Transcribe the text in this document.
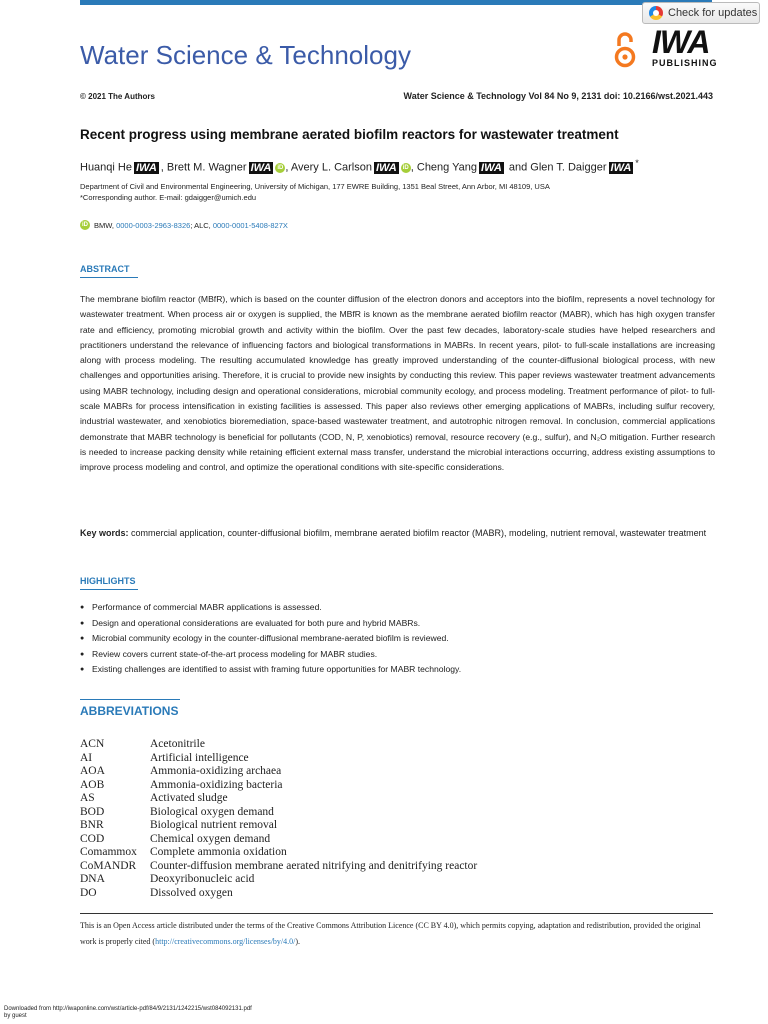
Check for updates
Water Science & Technology	IWA
PUBLISHING
© 2021 The Authors	Water Science & Technology Vol 84 No 9, 2131 doi: 10.2166/wst.2021.443
Recent progress using membrane aerated biofilm reactors for wastewater treatment
Huanqi He IWA , Brett M. Wagner IWA iD , Avery L. Carlson IWA iD , Cheng Yang IWA and Glen T. Daigger IWA *
Department of Civil and Environmental Engineering, University of Michigan, 177 EWRE Building, 1351 Beal Street, Ann Arbor, MI 48109, USA
*Corresponding author. E-mail: gdaigger@umich.edu
iD BMW, 0000-0003-2963-8326; ALC, 0000-0001-5408-827X
ABSTRACT
The membrane biofilm reactor (MBfR), which is based on the counter diffusion of the electron donors and acceptors into the biofilm, represents a novel technology for wastewater treatment. When process air or oxygen is supplied, the MBfR is known as the membrane aerated biofilm reactor (MABR), which has high oxygen transfer rate and efficiency, promoting microbial growth and activity within the biofilm. Over the past few decades, laboratory-scale studies have helped researchers and practitioners understand the relevance of influencing factors and biological transformations in MABRs. In recent years, pilot- to full-scale installations are increasing along with process modeling. The resulting accumulated knowledge has greatly improved understanding of the counter-diffusional biological process, with new challenges and opportunities arising. Therefore, it is crucial to provide new insights by conducting this review. This paper reviews wastewater treatment advancements using MABR technology, including design and operational considerations, microbial community ecology, and process modeling. Treatment performance of pilot- to full-scale MABRs for process intensification in existing facilities is assessed. This paper also reviews other emerging applications of MABRs, including sulfur recovery, industrial wastewater, and xenobiotics bioremediation, space-based wastewater treatment, and autotrophic nitrogen removal. In conclusion, commercial applications demonstrate that MABR technology is beneficial for pollutants (COD, N, P, xenobiotics) removal, resource recovery (e.g., sulfur), and N₂O mitigation. Further research is needed to increase packing density while retaining efficient external mass transfer, understand the microbial interactions occurring, address existing assumptions to improve process modeling and control, and optimize the operational conditions with site-specific considerations.
Key words: commercial application, counter-diffusional biofilm, membrane aerated biofilm reactor (MABR), modeling, nutrient removal, wastewater treatment
HIGHLIGHTS
● Performance of commercial MABR applications is assessed.
● Design and operational considerations are evaluated for both pure and hybrid MABRs.
● Microbial community ecology in the counter-diffusional membrane-aerated biofilm is reviewed.
● Review covers current state-of-the-art process modeling for MABR studies.
● Existing challenges are identified to assist with framing future opportunities for MABR technology.
ABBREVIATIONS
ACN	Acetonitrile
AI	Artificial intelligence
AOA	Ammonia-oxidizing archaea
AOB	Ammonia-oxidizing bacteria
AS	Activated sludge
BOD	Biological oxygen demand
BNR	Biological nutrient removal
COD	Chemical oxygen demand
Comammox	Complete ammonia oxidation
CoMANDR	Counter-diffusion membrane aerated nitrifying and denitrifying reactor
DNA	Deoxyribonucleic acid
DO	Dissolved oxygen
This is an Open Access article distributed under the terms of the Creative Commons Attribution Licence (CC BY 4.0), which permits copying, adaptation and redistribution, provided the original work is properly cited (http://creativecommons.org/licenses/by/4.0/).
Downloaded from http://iwaponline.com/wst/article-pdf/84/9/2131/1242215/wst084092131.pdf
by guest
